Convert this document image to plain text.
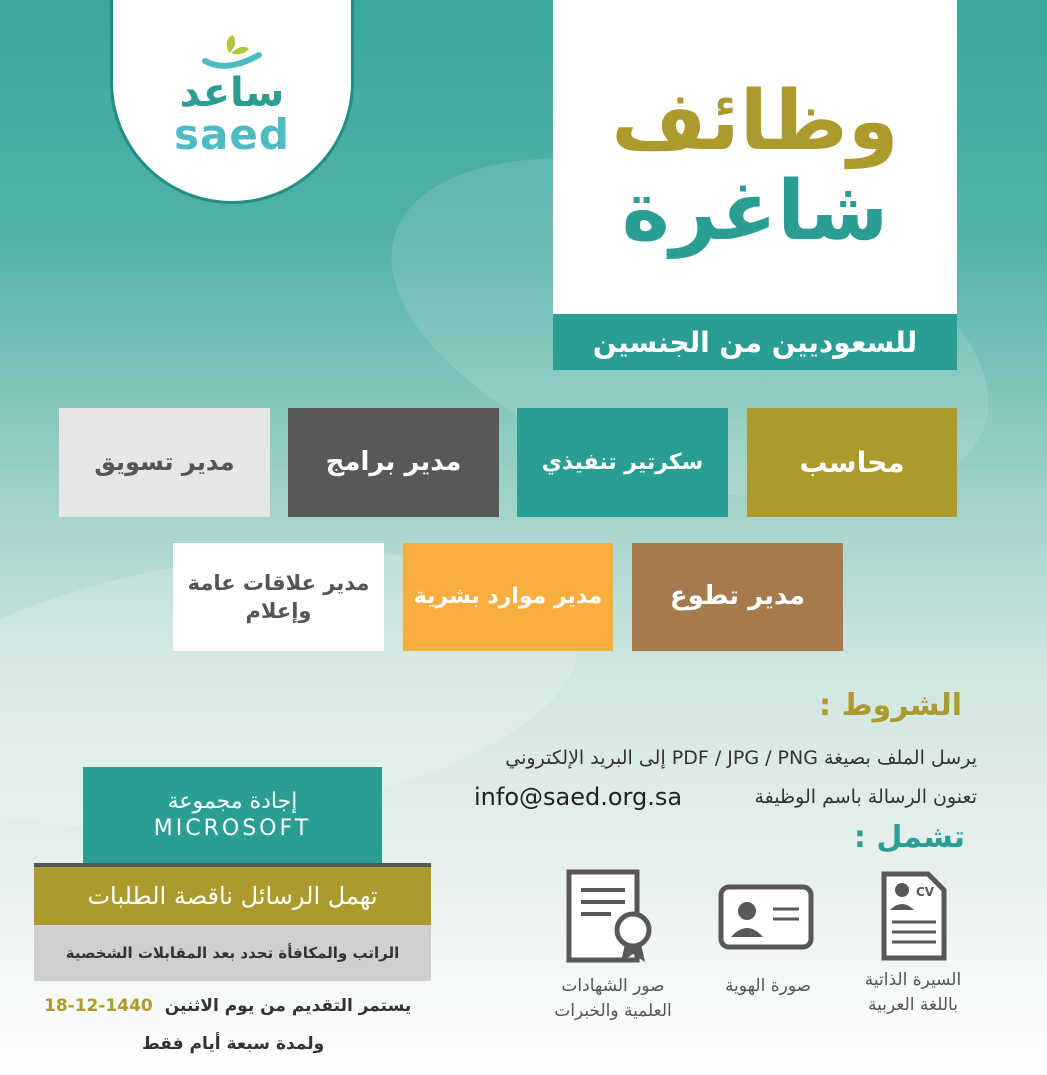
ساعد
saed	وظائف
شاغرة
للسعوديين من الجنسين
محاسب
سكرتير تنفيذي
مدير برامج
مدير تسويق
مدير تطوع
مدير موارد بشرية
مدير علاقات عامة وإعلام
الشروط :
يرسل الملف بصيغة PDF / JPG / PNG إلى البريد الإلكتروني
تعنون الرسالة باسم الوظيفة
info@saed.org.sa
تشمل :
CV
السيرة الذاتية
باللغة العربية
صورة الهوية
صور الشهادات
العلمية والخبرات
إجادة مجموعة
MICROSOFT
تهمل الرسائل ناقصة الطلبات
الراتب والمكافأة تحدد بعد المقابلات الشخصية
يستمر التقديم من يوم الاثنين
18-12-1440
ولمدة سبعة أيام فقط
